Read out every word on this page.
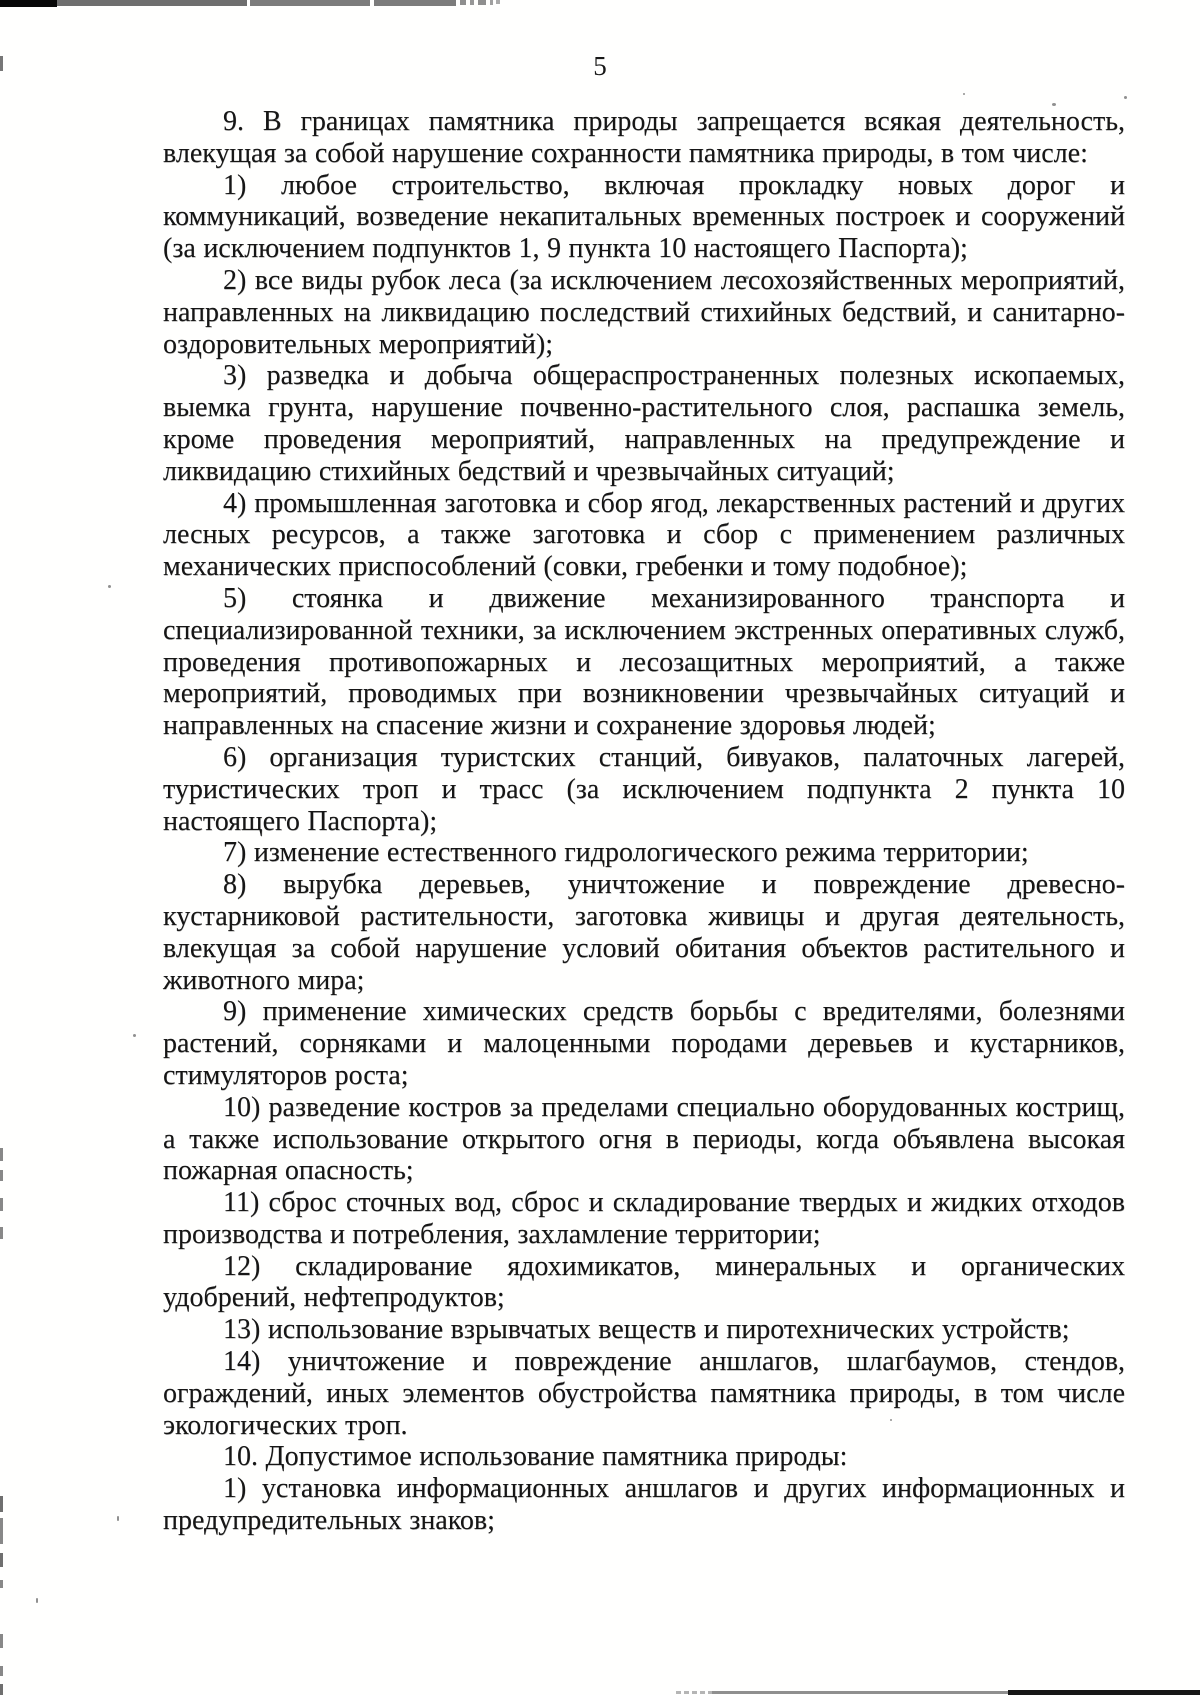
5

9. В границах памятника природы запрещается всякая деятельность, влекущая за собой нарушение сохранности памятника природы, в том числе:

1) любое строительство, включая прокладку новых дорог и коммуникаций, возведение некапитальных временных построек и сооружений (за исключением подпунктов 1, 9 пункта 10 настоящего Паспорта);

2) все виды рубок леса (за исключением лесохозяйственных мероприятий, направленных на ликвидацию последствий стихийных бедствий, и санитарно-оздоровительных мероприятий);

3) разведка и добыча общераспространенных полезных ископаемых, выемка грунта, нарушение почвенно-растительного слоя, распашка земель, кроме проведения мероприятий, направленных на предупреждение и ликвидацию стихийных бедствий и чрезвычайных ситуаций;

4) промышленная заготовка и сбор ягод, лекарственных растений и других лесных ресурсов, а также заготовка и сбор с применением различных механических приспособлений (совки, гребенки и тому подобное);

5) стоянка и движение механизированного транспорта и специализированной техники, за исключением экстренных оперативных служб, проведения противопожарных и лесозащитных мероприятий, а также мероприятий, проводимых при возникновении чрезвычайных ситуаций и направленных на спасение жизни и сохранение здоровья людей;

6) организация туристских станций, бивуаков, палаточных лагерей, туристических троп и трасс (за исключением подпункта 2 пункта 10 настоящего Паспорта);

7) изменение естественного гидрологического режима территории;

8) вырубка деревьев, уничтожение и повреждение древесно-кустарниковой растительности, заготовка живицы и другая деятельность, влекущая за собой нарушение условий обитания объектов растительного и животного мира;

9) применение химических средств борьбы с вредителями, болезнями растений, сорняками и малоценными породами деревьев и кустарников, стимуляторов роста;

10) разведение костров за пределами специально оборудованных кострищ, а также использование открытого огня в периоды, когда объявлена высокая пожарная опасность;

11) сброс сточных вод, сброс и складирование твердых и жидких отходов производства и потребления, захламление территории;

12) складирование ядохимикатов, минеральных и органических удобрений, нефтепродуктов;

13) использование взрывчатых веществ и пиротехнических устройств;

14) уничтожение и повреждение аншлагов, шлагбаумов, стендов, ограждений, иных элементов обустройства памятника природы, в том числе экологических троп.

10. Допустимое использование памятника природы:

1) установка информационных аншлагов и других информационных и предупредительных знаков;
